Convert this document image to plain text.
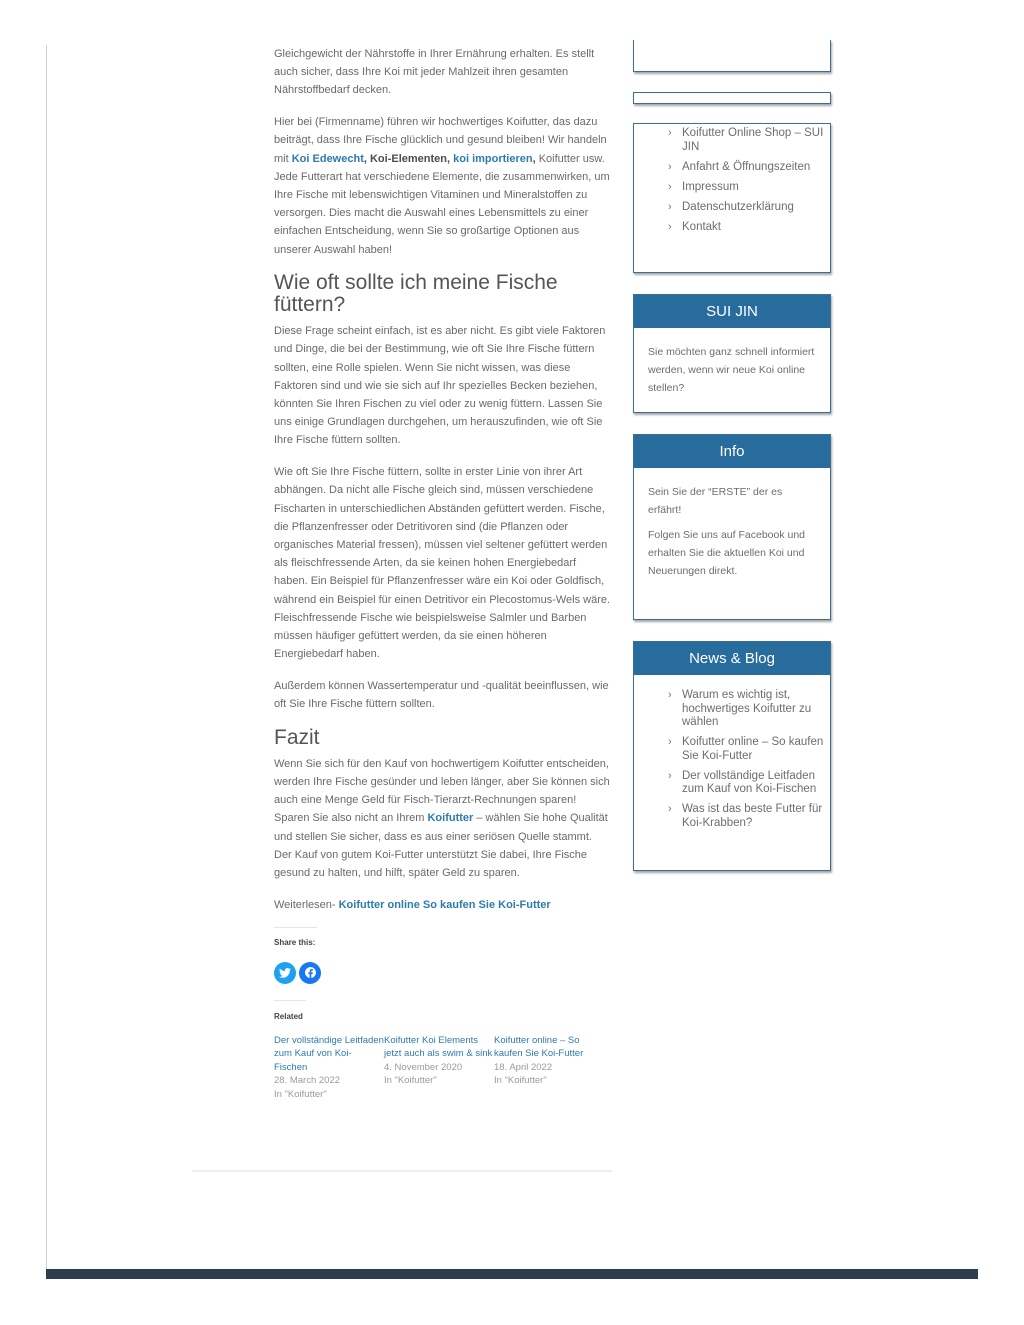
Gleichgewicht der Nährstoffe in Ihrer Ernährung erhalten. Es stellt auch sicher, dass Ihre Koi mit jeder Mahlzeit ihren gesamten Nährstoffbedarf decken.

Hier bei (Firmenname) führen wir hochwertiges Koifutter, das dazu beiträgt, dass Ihre Fische glücklich und gesund bleiben! Wir handeln mit Koi Edewecht, Koi-Elementen, koi importieren, Koifutter usw. Jede Futterart hat verschiedene Elemente, die zusammenwirken, um Ihre Fische mit lebenswichtigen Vitaminen und Mineralstoffen zu versorgen. Dies macht die Auswahl eines Lebensmittels zu einer einfachen Entscheidung, wenn Sie so großartige Optionen aus unserer Auswahl haben!

Wie oft sollte ich meine Fische füttern?

Diese Frage scheint einfach, ist es aber nicht. Es gibt viele Faktoren und Dinge, die bei der Bestimmung, wie oft Sie Ihre Fische füttern sollten, eine Rolle spielen. Wenn Sie nicht wissen, was diese Faktoren sind und wie sie sich auf Ihr spezielles Becken beziehen, könnten Sie Ihren Fischen zu viel oder zu wenig füttern. Lassen Sie uns einige Grundlagen durchgehen, um herauszufinden, wie oft Sie Ihre Fische füttern sollten.

Wie oft Sie Ihre Fische füttern, sollte in erster Linie von ihrer Art abhängen. Da nicht alle Fische gleich sind, müssen verschiedene Fischarten in unterschiedlichen Abständen gefüttert werden. Fische, die Pflanzenfresser oder Detritivoren sind (die Pflanzen oder organisches Material fressen), müssen viel seltener gefüttert werden als fleischfressende Arten, da sie keinen hohen Energiebedarf haben. Ein Beispiel für Pflanzenfresser wäre ein Koi oder Goldfisch, während ein Beispiel für einen Detritivor ein Plecostomus-Wels wäre. Fleischfressende Fische wie beispielsweise Salmler und Barben müssen häufiger gefüttert werden, da sie einen höheren Energiebedarf haben.

Außerdem können Wassertemperatur und -qualität beeinflussen, wie oft Sie Ihre Fische füttern sollten.

Fazit

Wenn Sie sich für den Kauf von hochwertigem Koifutter entscheiden, werden Ihre Fische gesünder und leben länger, aber Sie können sich auch eine Menge Geld für Fisch-Tierarzt-Rechnungen sparen! Sparen Sie also nicht an Ihrem Koifutter – wählen Sie hohe Qualität und stellen Sie sicher, dass es aus einer seriösen Quelle stammt. Der Kauf von gutem Koi-Futter unterstützt Sie dabei, Ihre Fische gesund zu halten, und hilft, später Geld zu sparen.

Weiterlesen- Koifutter online So kaufen Sie Koi-Futter

Share this:
Related
Der vollständige Leitfaden zum Kauf von Koi-Fischen
28. March 2022
In "Koifutter"
Koifutter Koi Elements jetzt auch als swim & sink
4. November 2020
In "Koifutter"
Koifutter online – So kaufen Sie Koi-Futter
18. April 2022
In "Koifutter"
› Koifutter Online Shop – SUI JIN
› Anfahrt & Öffnungszeiten
› Impressum
› Datenschutzerklärung
› Kontakt
SUI JIN

Sie möchten ganz schnell informiert werden, wenn wir neue Koi online stellen?

Info

Sein Sie der “ERSTE” der es erfährt!

Folgen Sie uns auf Facebook und erhalten Sie die aktuellen Koi und Neuerungen direkt.

News & Blog
› Warum es wichtig ist, hochwertiges Koifutter zu wählen
› Koifutter online – So kaufen Sie Koi-Futter
› Der vollständige Leitfaden zum Kauf von Koi-Fischen
› Was ist das beste Futter für Koi-Krabben?
